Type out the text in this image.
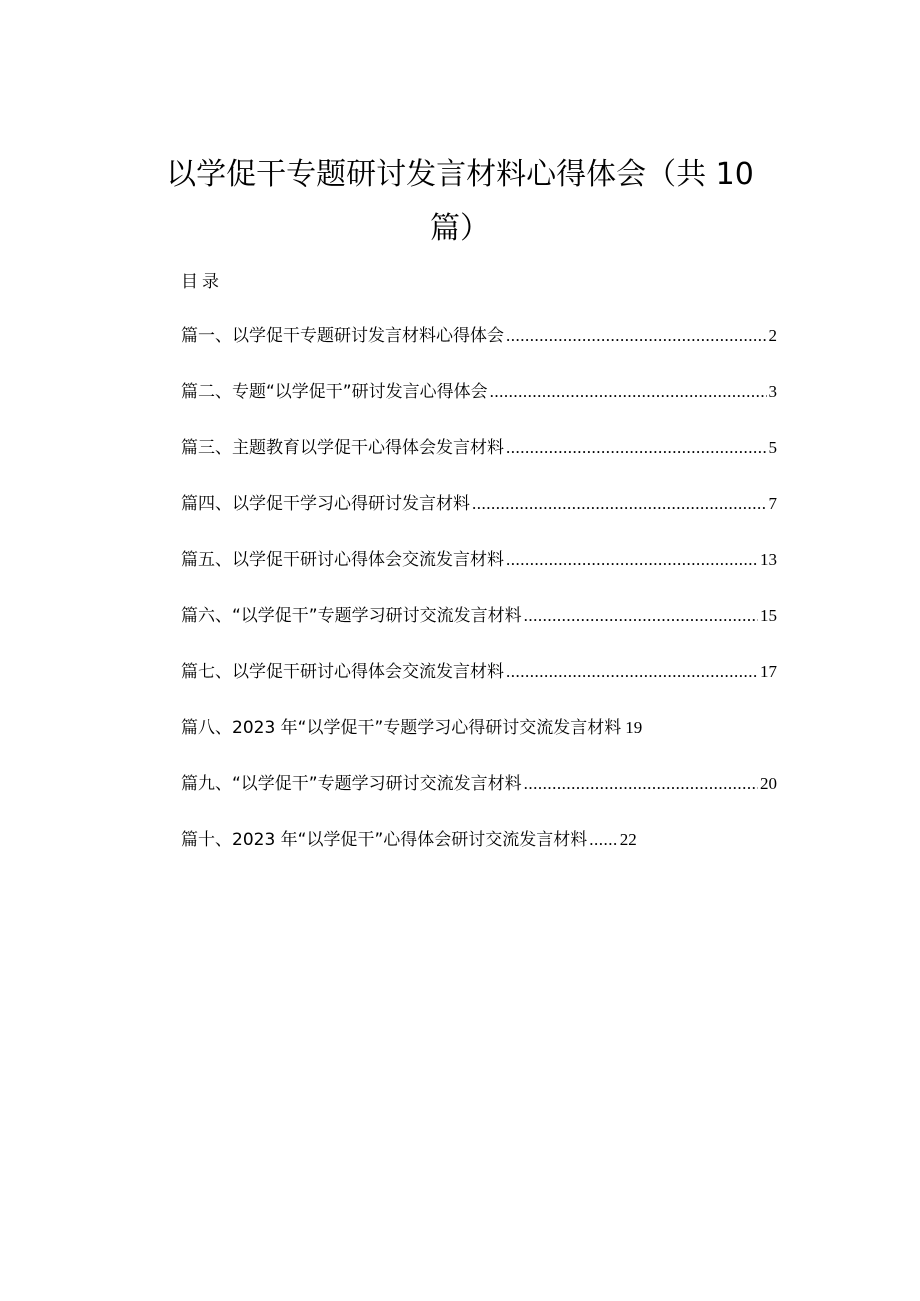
以学促干专题研讨发言材料心得体会（共 10
篇）
目录
篇一、以学促干专题研讨发言材料心得体会 .....	2
篇二、专题“以学促干”研讨发言心得体会 .....	3
篇三、主题教育以学促干心得体会发言材料 .....	5
篇四、以学促干学习心得研讨发言材料 .....	7
篇五、以学促干研讨心得体会交流发言材料 .....	13
篇六、“以学促干”专题学习研讨交流发言材料 .....	15
篇七、以学促干研讨心得体会交流发言材料 .....	17
篇八、2023 年“以学促干”专题学习心得研讨交流发言材料 19
篇九、“以学促干”专题学习研讨交流发言材料 .....	20
篇十、2023 年“以学促干”心得体会研讨交流发言材料 ...... 22
